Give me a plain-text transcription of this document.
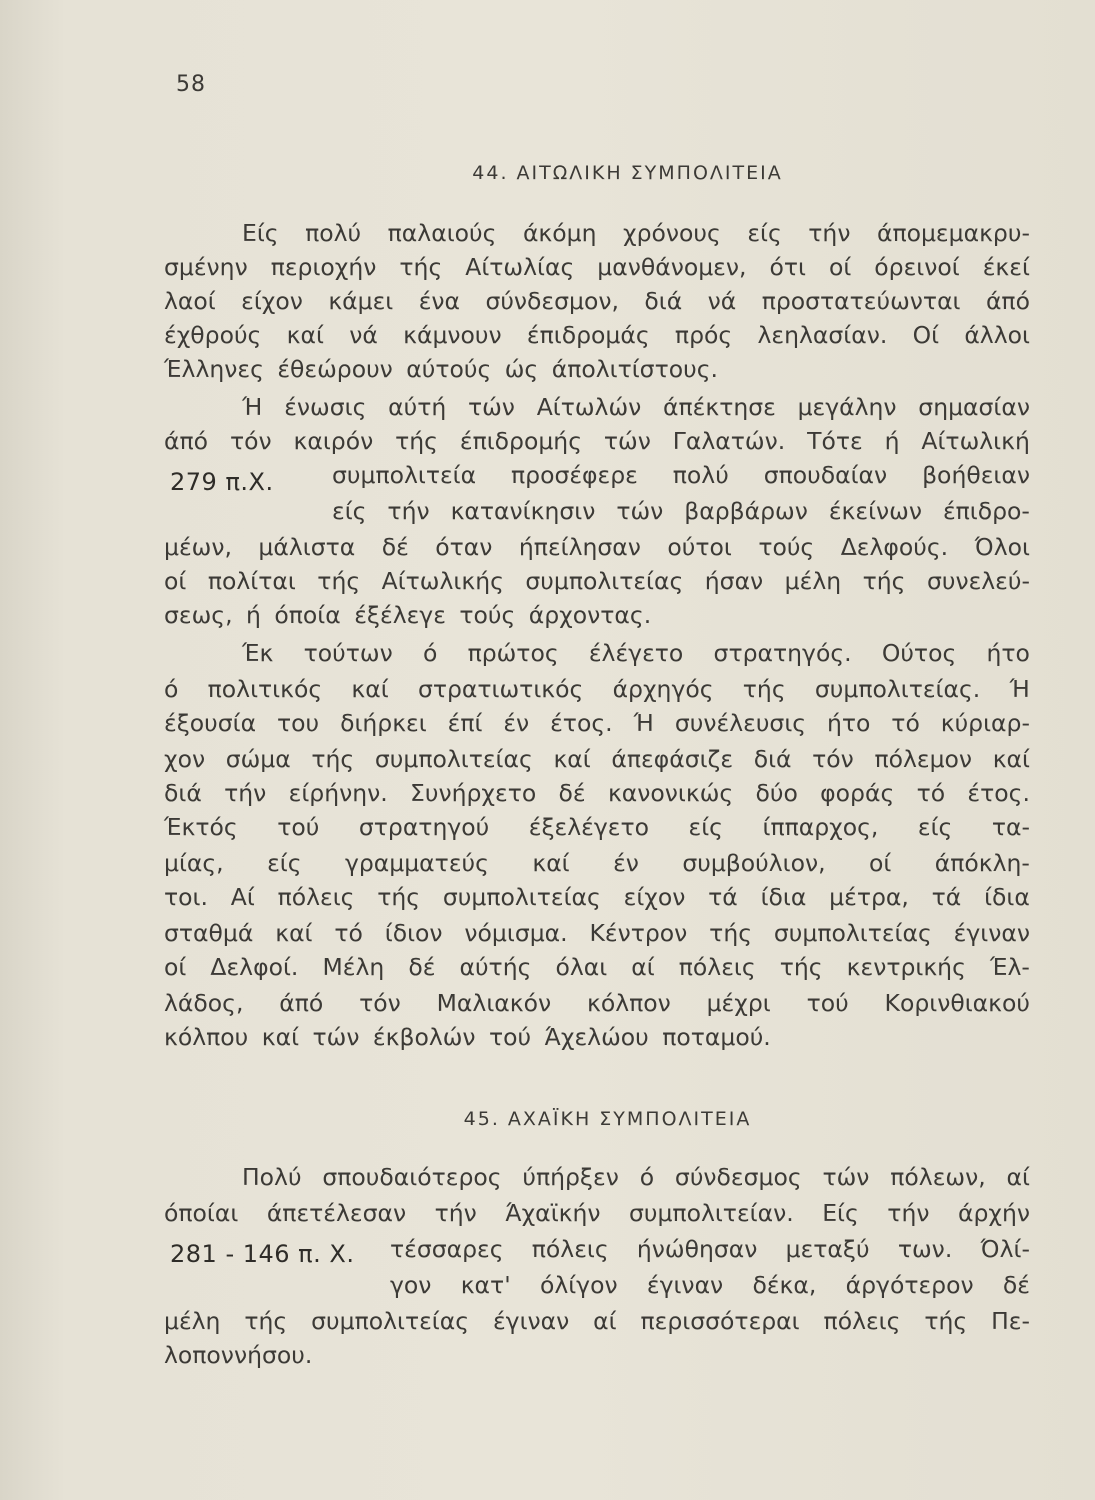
58
44. ΑΙΤΩΛΙΚΗ ΣΥΜΠΟΛΙΤΕΙΑ
279 π.Χ.
Είς πολύ παλαιούς άκόμη χρόνους είς τήν άπομεμακρυ-
σμένην περιοχήν τής Αίτωλίας μανθάνομεν, ότι οί όρεινοί έκεί
λαοί είχον κάμει ένα σύνδεσμον, διά νά προστατεύωνται άπό
έχθρούς καί νά κάμνουν έπιδρομάς πρός λεηλασίαν. Οί άλλοι
Έλληνες έθεώρουν αύτούς ώς άπολιτίστους.
Ή ένωσις αύτή τών Αίτωλών άπέκτησε μεγάλην σημασίαν
άπό τόν καιρόν τής έπιδρομής τών Γαλατών. Τότε ή Αίτωλική
συμπολιτεία προσέφερε πολύ σπουδαίαν βοήθειαν
είς τήν κατανίκησιν τών βαρβάρων έκείνων έπιδρο-
μέων, μάλιστα δέ όταν ήπείλησαν ούτοι τούς Δελφούς. Όλοι
οί πολίται τής Αίτωλικής συμπολιτείας ήσαν μέλη τής συνελεύ-
σεως, ή όποία έξέλεγε τούς άρχοντας.
Έκ τούτων ό πρώτος έλέγετο στρατηγός. Ούτος ήτο
ό πολιτικός καί στρατιωτικός άρχηγός τής συμπολιτείας. Ή
έξουσία του διήρκει έπί έν έτος. Ή συνέλευσις ήτο τό κύριαρ-
χον σώμα τής συμπολιτείας καί άπεφάσιζε διά τόν πόλεμον καί
διά τήν είρήνην. Συνήρχετο δέ κανονικώς δύο φοράς τό έτος.
Έκτός τού στρατηγού έξελέγετο είς ίππαρχος, είς τα-
μίας, είς γραμματεύς καί έν συμβούλιον, οί άπόκλη-
τοι. Αί πόλεις τής συμπολιτείας είχον τά ίδια μέτρα, τά ίδια
σταθμά καί τό ίδιον νόμισμα. Κέντρον τής συμπολιτείας έγιναν
οί Δελφοί. Μέλη δέ αύτής όλαι αί πόλεις τής κεντρικής Έλ-
λάδος, άπό τόν Μαλιακόν κόλπον μέχρι τού Κορινθιακού
κόλπου καί τών έκβολών τού Άχελώου ποταμού.
45. ΑΧΑΪΚΗ ΣΥΜΠΟΛΙΤΕΙΑ
281 - 146 π. Χ.
Πολύ σπουδαιότερος ύπήρξεν ό σύνδεσμος τών πόλεων, αί
όποίαι άπετέλεσαν τήν Άχαϊκήν συμπολιτείαν. Είς τήν άρχήν
τέσσαρες πόλεις ήνώθησαν μεταξύ των. Όλί-
γον κατ' όλίγον έγιναν δέκα, άργότερον δέ
μέλη τής συμπολιτείας έγιναν αί περισσότεραι πόλεις τής Πε-
λοποννήσου.
